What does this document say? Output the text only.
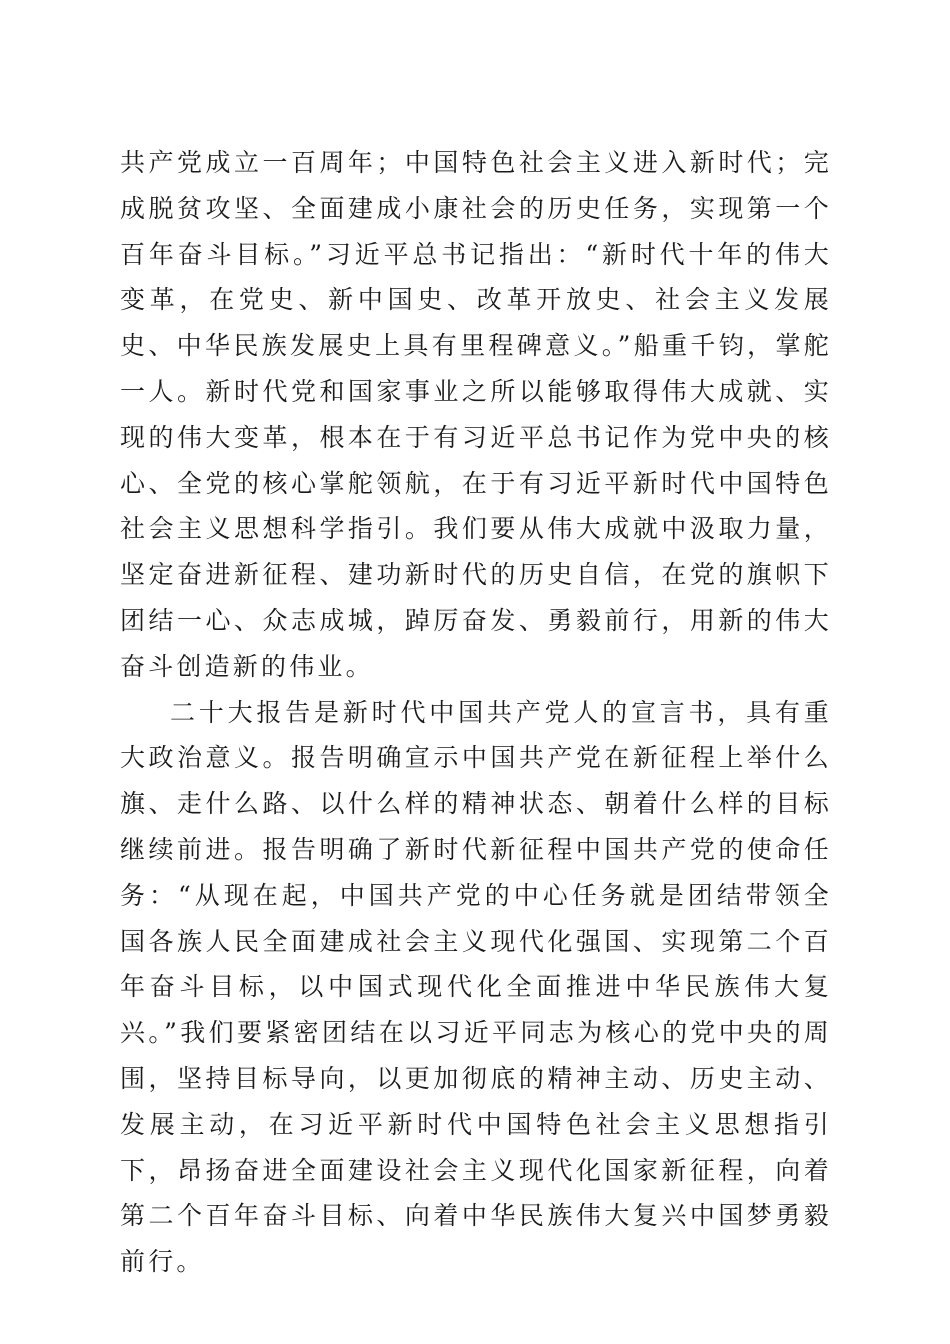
共产党成立一百周年；中国特色社会主义进入新时代；完成脱贫攻坚、全面建成小康社会的历史任务，实现第一个百年奋斗目标。”习近平总书记指出：“新时代十年的伟大变革，在党史、新中国史、改革开放史、社会主义发展史、中华民族发展史上具有里程碑意义。”船重千钧，掌舵一人。新时代党和国家事业之所以能够取得伟大成就、实现的伟大变革，根本在于有习近平总书记作为党中央的核心、全党的核心掌舵领航，在于有习近平新时代中国特色社会主义思想科学指引。我们要从伟大成就中汲取力量，坚定奋进新征程、建功新时代的历史自信，在党的旗帜下团结一心、众志成城，踔厉奋发、勇毅前行，用新的伟大奋斗创造新的伟业。

二十大报告是新时代中国共产党人的宣言书，具有重大政治意义。报告明确宣示中国共产党在新征程上举什么旗、走什么路、以什么样的精神状态、朝着什么样的目标继续前进。报告明确了新时代新征程中国共产党的使命任务：“从现在起，中国共产党的中心任务就是团结带领全国各族人民全面建成社会主义现代化强国、实现第二个百年奋斗目标，以中国式现代化全面推进中华民族伟大复兴。”我们要紧密团结在以习近平同志为核心的党中央的周围，坚持目标导向，以更加彻底的精神主动、历史主动、发展主动，在习近平新时代中国特色社会主义思想指引下，昂扬奋进全面建设社会主义现代化国家新征程，向着第二个百年奋斗目标、向着中华民族伟大复兴中国梦勇毅前行。
